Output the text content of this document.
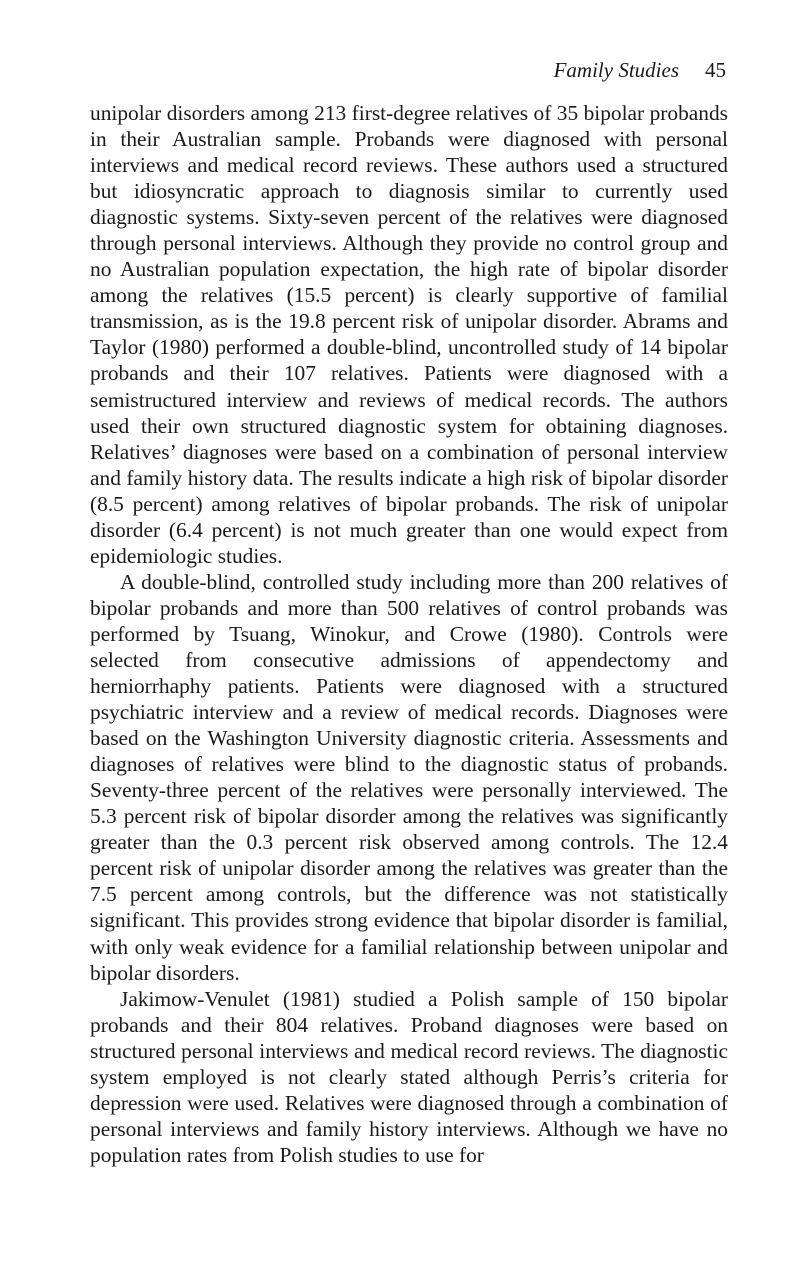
Family Studies 45

unipolar disorders among 213 first-degree relatives of 35 bipolar probands in their Australian sample. Probands were diagnosed with personal interviews and medical record reviews. These authors used a structured but idiosyncratic approach to diagnosis similar to currently used diagnostic systems. Sixty-seven percent of the relatives were diagnosed through personal interviews. Although they provide no control group and no Australian population expectation, the high rate of bipolar disorder among the relatives (15.5 percent) is clearly supportive of familial transmission, as is the 19.8 percent risk of unipolar disorder. Abrams and Taylor (1980) performed a double-blind, uncontrolled study of 14 bipolar probands and their 107 relatives. Patients were diagnosed with a semistructured interview and reviews of medical records. The authors used their own structured diagnostic system for obtaining diagnoses. Relatives’ diagnoses were based on a combination of personal interview and family history data. The results indicate a high risk of bipolar disorder (8.5 percent) among relatives of bipolar probands. The risk of unipolar disorder (6.4 percent) is not much greater than one would expect from epidemiologic studies.

A double-blind, controlled study including more than 200 relatives of bipolar probands and more than 500 relatives of control probands was performed by Tsuang, Winokur, and Crowe (1980). Controls were selected from consecutive admissions of appendectomy and herniorrhaphy patients. Patients were diagnosed with a structured psychiatric interview and a review of medical records. Diagnoses were based on the Washington University diagnostic criteria. Assessments and diagnoses of relatives were blind to the diagnostic status of probands. Seventy-three percent of the relatives were personally interviewed. The 5.3 percent risk of bipolar disorder among the relatives was significantly greater than the 0.3 percent risk observed among controls. The 12.4 percent risk of unipolar disorder among the relatives was greater than the 7.5 percent among controls, but the difference was not statistically significant. This provides strong evidence that bipolar disorder is familial, with only weak evidence for a familial relationship between unipolar and bipolar disorders.

Jakimow-Venulet (1981) studied a Polish sample of 150 bipolar probands and their 804 relatives. Proband diagnoses were based on structured personal interviews and medical record reviews. The diagnostic system employed is not clearly stated although Perris’s criteria for depression were used. Relatives were diagnosed through a combination of personal interviews and family history interviews. Although we have no population rates from Polish studies to use for
